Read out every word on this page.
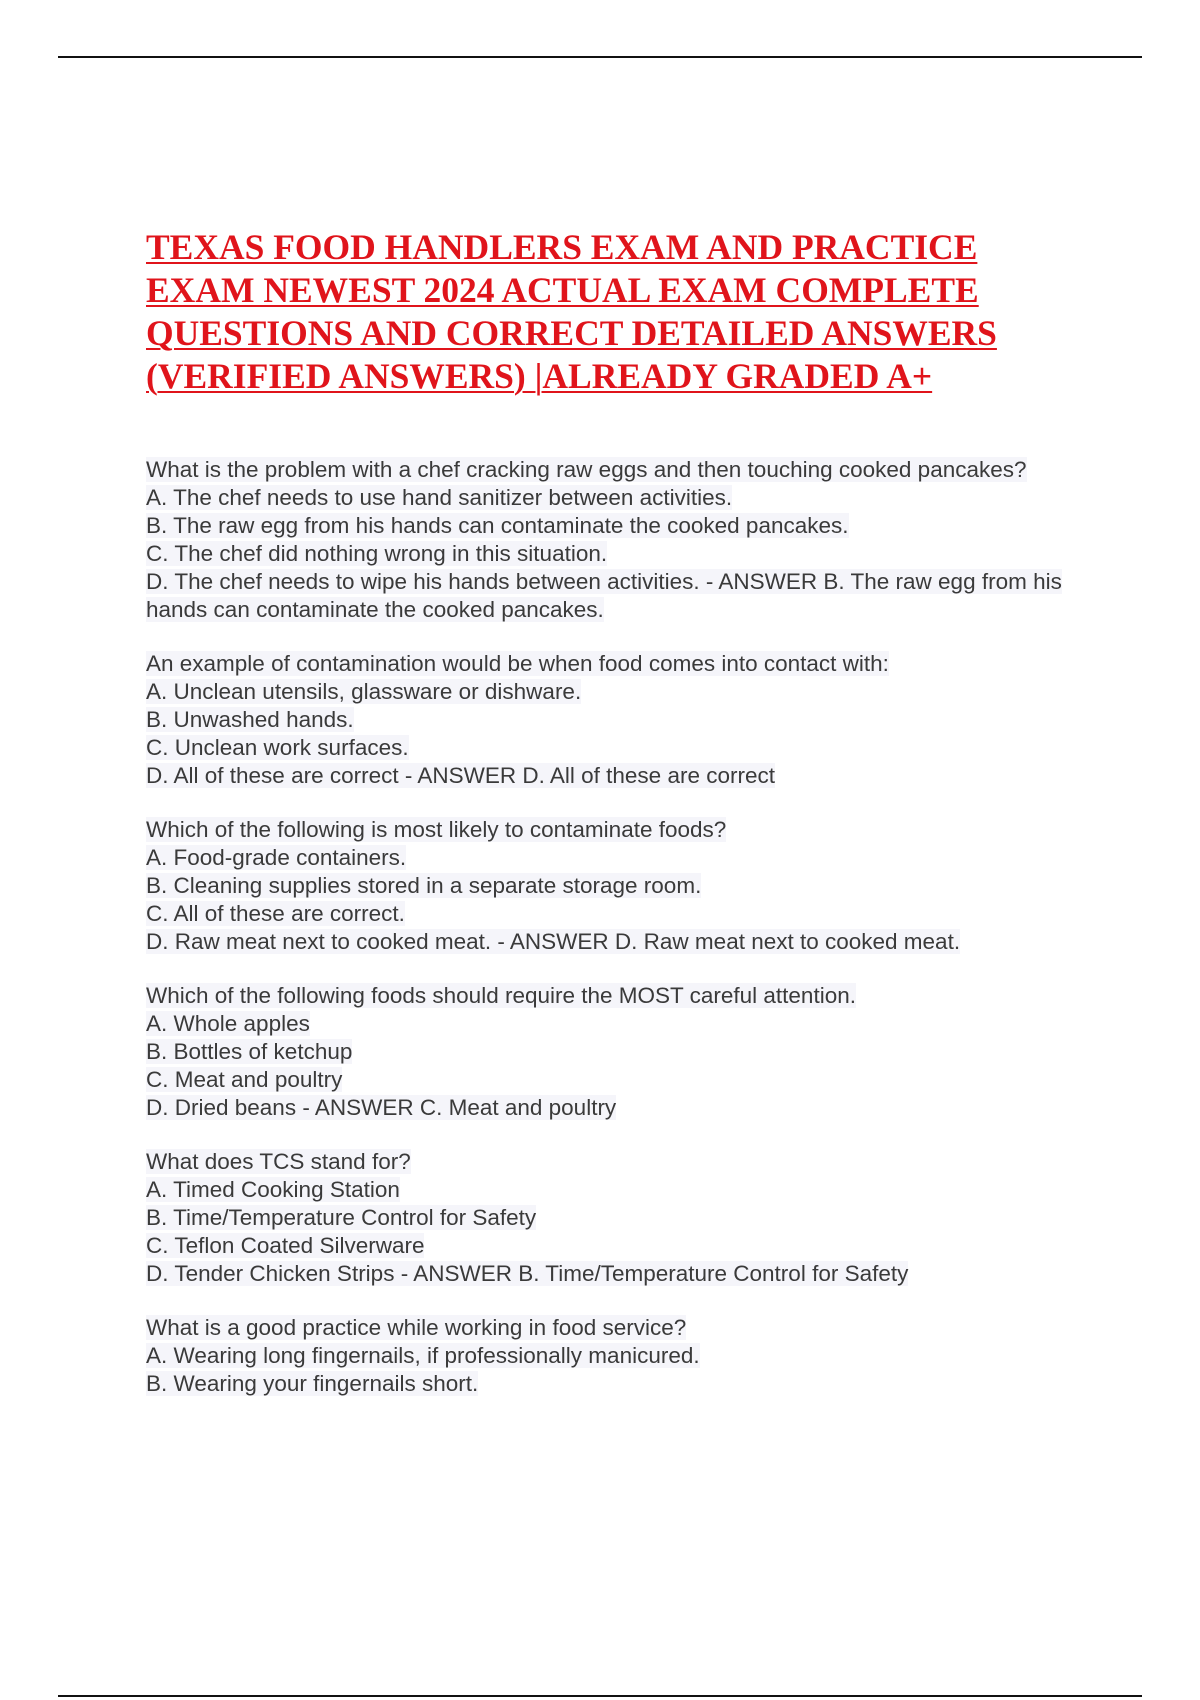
TEXAS FOOD HANDLERS EXAM AND PRACTICE
EXAM NEWEST 2024 ACTUAL EXAM COMPLETE
QUESTIONS AND CORRECT DETAILED ANSWERS
(VERIFIED ANSWERS) |ALREADY GRADED A+
What is the problem with a chef cracking raw eggs and then touching cooked pancakes?
A. The chef needs to use hand sanitizer between activities.
B. The raw egg from his hands can contaminate the cooked pancakes.
C. The chef did nothing wrong in this situation.
D. The chef needs to wipe his hands between activities. - ANSWER B. The raw egg from his hands can contaminate the cooked pancakes.
An example of contamination would be when food comes into contact with:
A. Unclean utensils, glassware or dishware.
B. Unwashed hands.
C. Unclean work surfaces.
D. All of these are correct - ANSWER D. All of these are correct
Which of the following is most likely to contaminate foods?
A. Food-grade containers.
B. Cleaning supplies stored in a separate storage room.
C. All of these are correct.
D. Raw meat next to cooked meat. - ANSWER D. Raw meat next to cooked meat.
Which of the following foods should require the MOST careful attention.
A. Whole apples
B. Bottles of ketchup
C. Meat and poultry
D. Dried beans - ANSWER C. Meat and poultry
What does TCS stand for?
A. Timed Cooking Station
B. Time/Temperature Control for Safety
C. Teflon Coated Silverware
D. Tender Chicken Strips - ANSWER B. Time/Temperature Control for Safety
What is a good practice while working in food service?
A. Wearing long fingernails, if professionally manicured.
B. Wearing your fingernails short.
